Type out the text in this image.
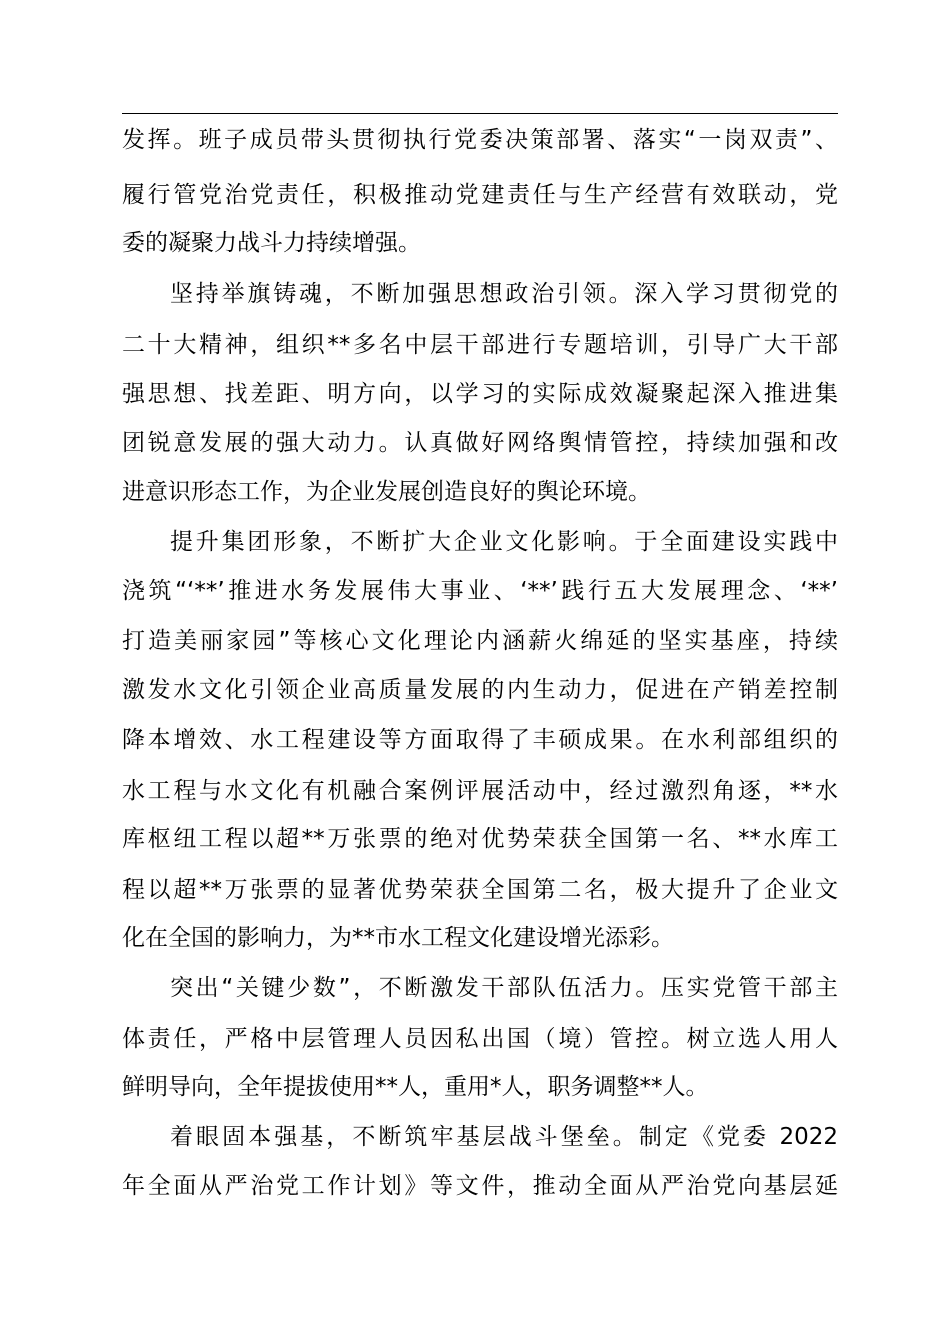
发挥。班子成员带头贯彻执行党委决策部署、落实“一岗双责”、
履行管党治党责任，积极推动党建责任与生产经营有效联动，党
委的凝聚力战斗力持续增强。
坚持举旗铸魂，不断加强思想政治引领。深入学习贯彻党的
二十大精神，组织**多名中层干部进行专题培训，引导广大干部
强思想、找差距、明方向，以学习的实际成效凝聚起深入推进集
团锐意发展的强大动力。认真做好网络舆情管控，持续加强和改
进意识形态工作，为企业发展创造良好的舆论环境。
提升集团形象，不断扩大企业文化影响。于全面建设实践中
浇筑“‘**’推进水务发展伟大事业、‘**’践行五大发展理念、‘**’
打造美丽家园”等核心文化理论内涵薪火绵延的坚实基座，持续
激发水文化引领企业高质量发展的内生动力，促进在产销差控制
降本增效、水工程建设等方面取得了丰硕成果。在水利部组织的
水工程与水文化有机融合案例评展活动中，经过激烈角逐，**水
库枢纽工程以超**万张票的绝对优势荣获全国第一名、**水库工
程以超**万张票的显著优势荣获全国第二名，极大提升了企业文
化在全国的影响力，为**市水工程文化建设增光添彩。
突出“关键少数”，不断激发干部队伍活力。压实党管干部主
体责任，严格中层管理人员因私出国（境）管控。树立选人用人
鲜明导向，全年提拔使用**人，重用*人，职务调整**人。
着眼固本强基，不断筑牢基层战斗堡垒。制定《党委 2022
年全面从严治党工作计划》等文件，推动全面从严治党向基层延
